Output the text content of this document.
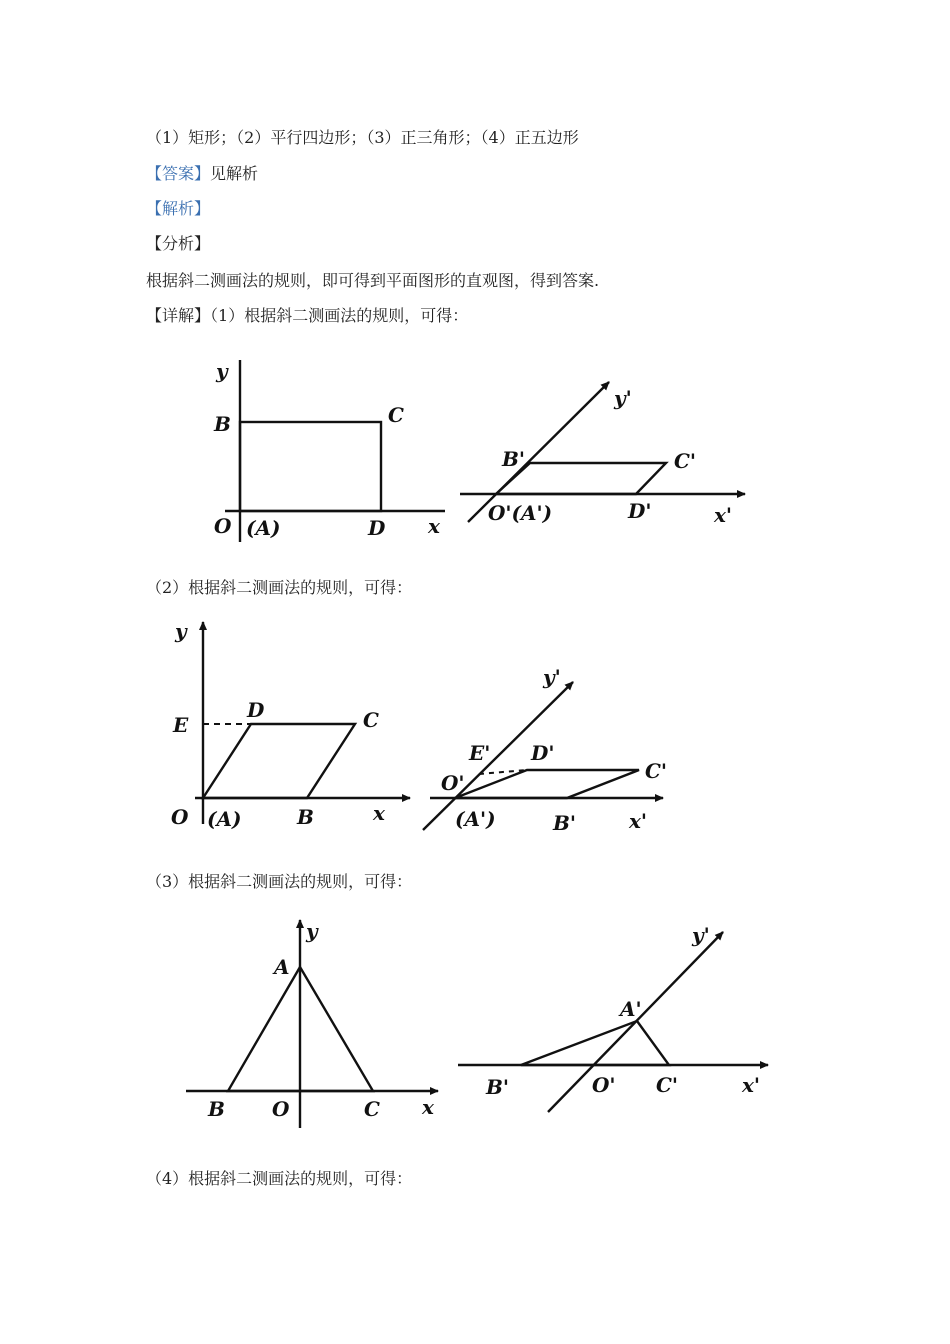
（1）矩形；（2）平行四边形；（3）正三角形；（4）正五边形
【答案】见解析
【解析】
【分析】
根据斜二测画法的规则，即可得到平面图形的直观图，得到答案.
【详解】（1）根据斜二测画法的规则，可得：
y
B	C
O (A)	D x
y'
B'	C'
O'(A')	D'	x'
（2）根据斜二测画法的规则，可得：
y
E
D	C
O (A)	B	x
y'
E' D'
C'
O'
(A')	B'	x'
（3）根据斜二测画法的规则，可得：
y
A
B O	C x
y'
A'
B'	O' C'	x'
（4）根据斜二测画法的规则，可得：
